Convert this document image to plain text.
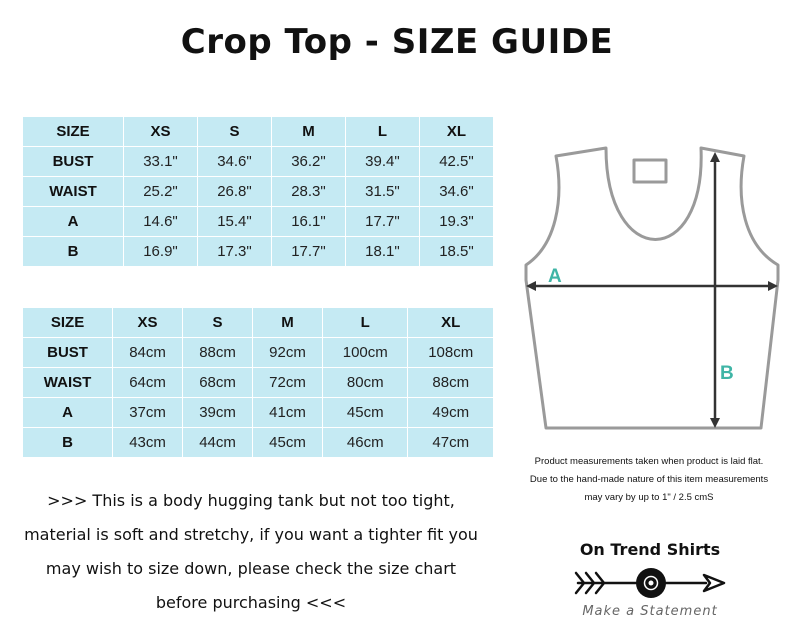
Crop Top - SIZE GUIDE
SIZE	XS	S	M	L	XL
BUST	33.1"	34.6"	36.2"	39.4"	42.5"
WAIST	25.2"	26.8"	28.3"	31.5"	34.6"
A	14.6"	15.4"	16.1"	17.7"	19.3"
B	16.9"	17.3"	17.7"	18.1"	18.5"
SIZE	XS	S	M	L	XL
BUST	84cm	88cm	92cm	100cm	108cm
WAIST	64cm	68cm	72cm	80cm	88cm
A	37cm	39cm	41cm	45cm	49cm
B	43cm	44cm	45cm	46cm	47cm

>>> This is a body hugging tank but not too tight, material is soft and stretchy, if you want a tighter fit you may wish to size down, please check the size chart before purchasing <<<

A
B
Product measurements taken when product is laid flat.
Due to the hand-made nature of this item measurements
may vary by up to 1" / 2.5 cmS
On Trend Shirts
Make a Statement
